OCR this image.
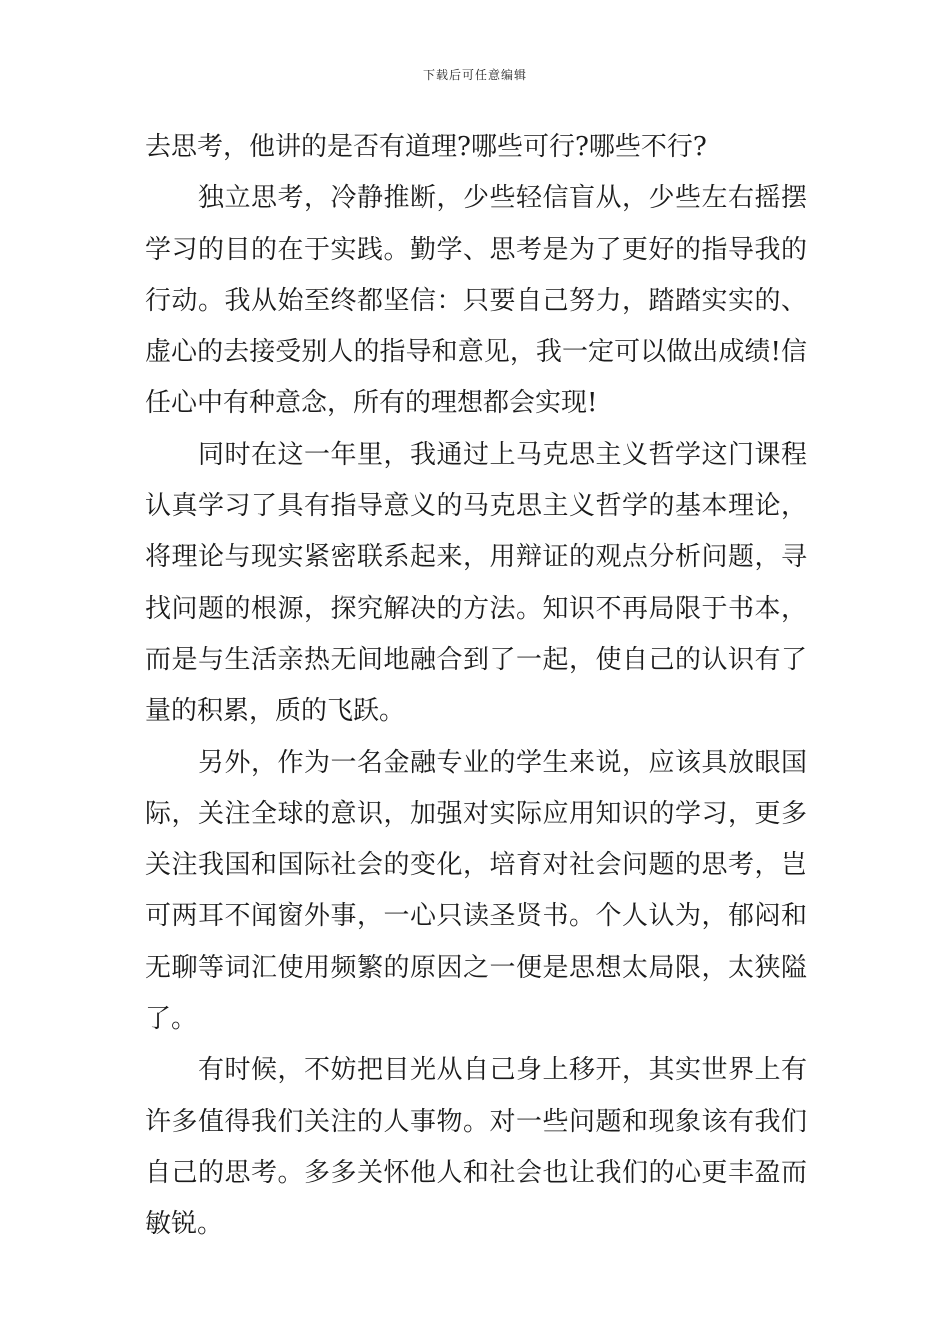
下载后可任意编辑
去思考，他讲的是否有道理?哪些可行?哪些不行?
独立思考，冷静推断，少些轻信盲从，少些左右摇摆
学习的目的在于实践。勤学、思考是为了更好的指导我的
行动。我从始至终都坚信：只要自己努力，踏踏实实的、
虚心的去接受别人的指导和意见，我一定可以做出成绩!信
任心中有种意念，所有的理想都会实现!
同时在这一年里，我通过上马克思主义哲学这门课程
认真学习了具有指导意义的马克思主义哲学的基本理论，
将理论与现实紧密联系起来，用辩证的观点分析问题，寻
找问题的根源，探究解决的方法。知识不再局限于书本，
而是与生活亲热无间地融合到了一起，使自己的认识有了
量的积累，质的飞跃。
另外，作为一名金融专业的学生来说，应该具放眼国
际，关注全球的意识，加强对实际应用知识的学习，更多
关注我国和国际社会的变化，培育对社会问题的思考，岂
可两耳不闻窗外事，一心只读圣贤书。个人认为，郁闷和
无聊等词汇使用频繁的原因之一便是思想太局限，太狭隘
了。
有时候，不妨把目光从自己身上移开，其实世界上有
许多值得我们关注的人事物。对一些问题和现象该有我们
自己的思考。多多关怀他人和社会也让我们的心更丰盈而
敏锐。
